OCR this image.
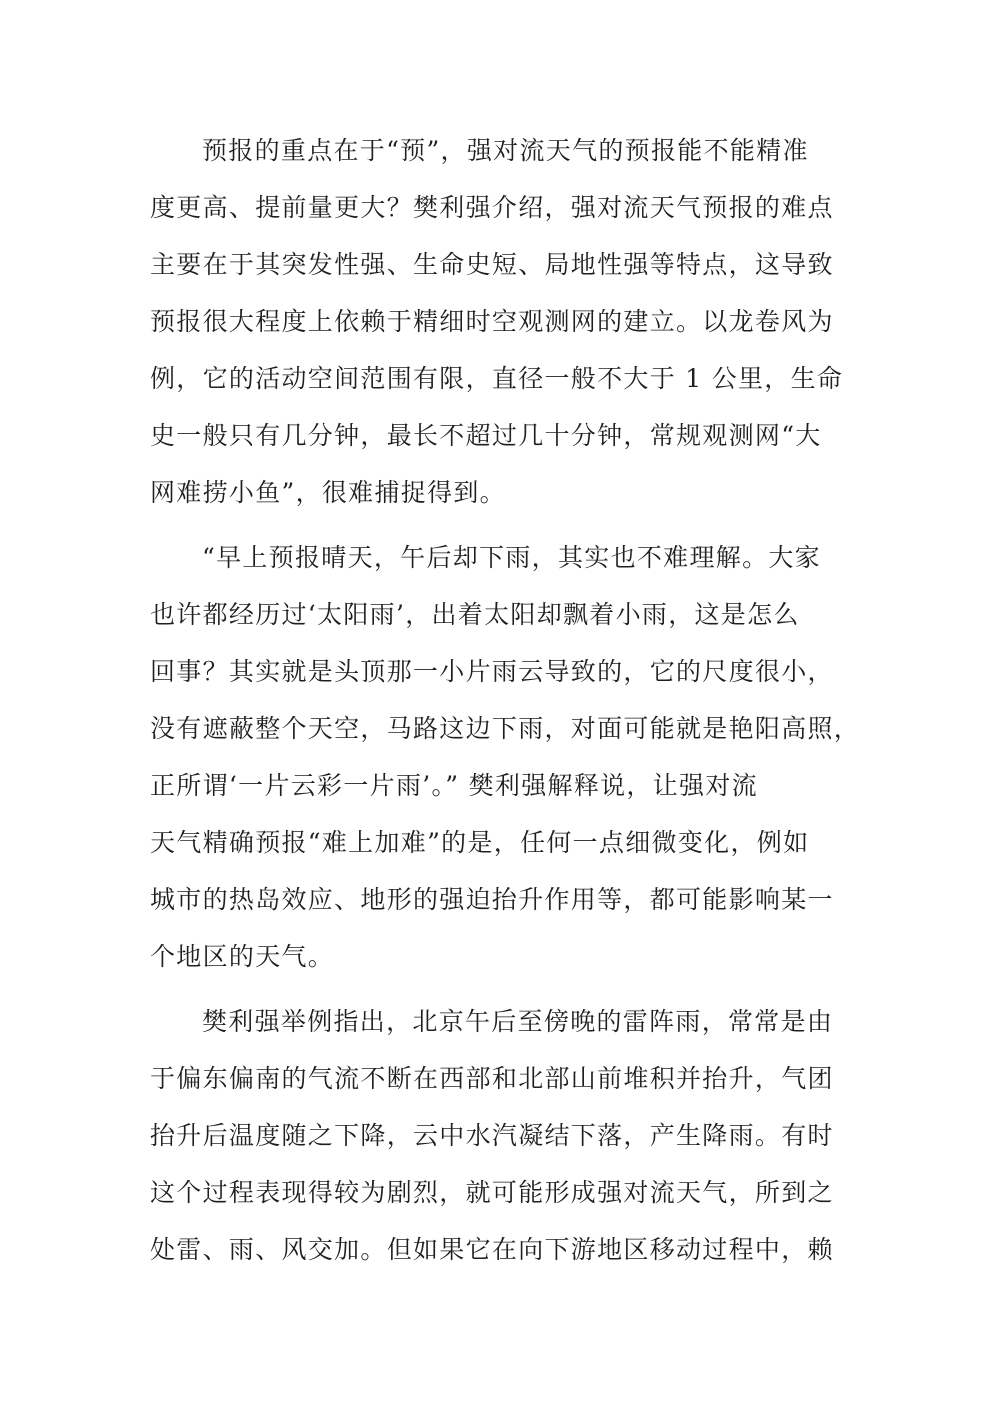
预报的重点在于“预”，强对流天气的预报能不能精准
度更高、提前量更大？樊利强介绍，强对流天气预报的难点
主要在于其突发性强、生命史短、局地性强等特点，这导致
预报很大程度上依赖于精细时空观测网的建立。以龙卷风为
例，它的活动空间范围有限，直径一般不大于 1 公里，生命
史一般只有几分钟，最长不超过几十分钟，常规观测网“大
网难捞小鱼”，很难捕捉得到。
“早上预报晴天，午后却下雨，其实也不难理解。大家
也许都经历过‘太阳雨’，出着太阳却飘着小雨，这是怎么
回事？其实就是头顶那一小片雨云导致的，它的尺度很小，
没有遮蔽整个天空，马路这边下雨，对面可能就是艳阳高照，
正所谓‘一片云彩一片雨’。” 樊利强解释说，让强对流
天气精确预报“难上加难”的是，任何一点细微变化，例如
城市的热岛效应、地形的强迫抬升作用等，都可能影响某一
个地区的天气。
樊利强举例指出，北京午后至傍晚的雷阵雨，常常是由
于偏东偏南的气流不断在西部和北部山前堆积并抬升，气团
抬升后温度随之下降，云中水汽凝结下落，产生降雨。有时
这个过程表现得较为剧烈，就可能形成强对流天气，所到之
处雷、雨、风交加。但如果它在向下游地区移动过程中，赖
